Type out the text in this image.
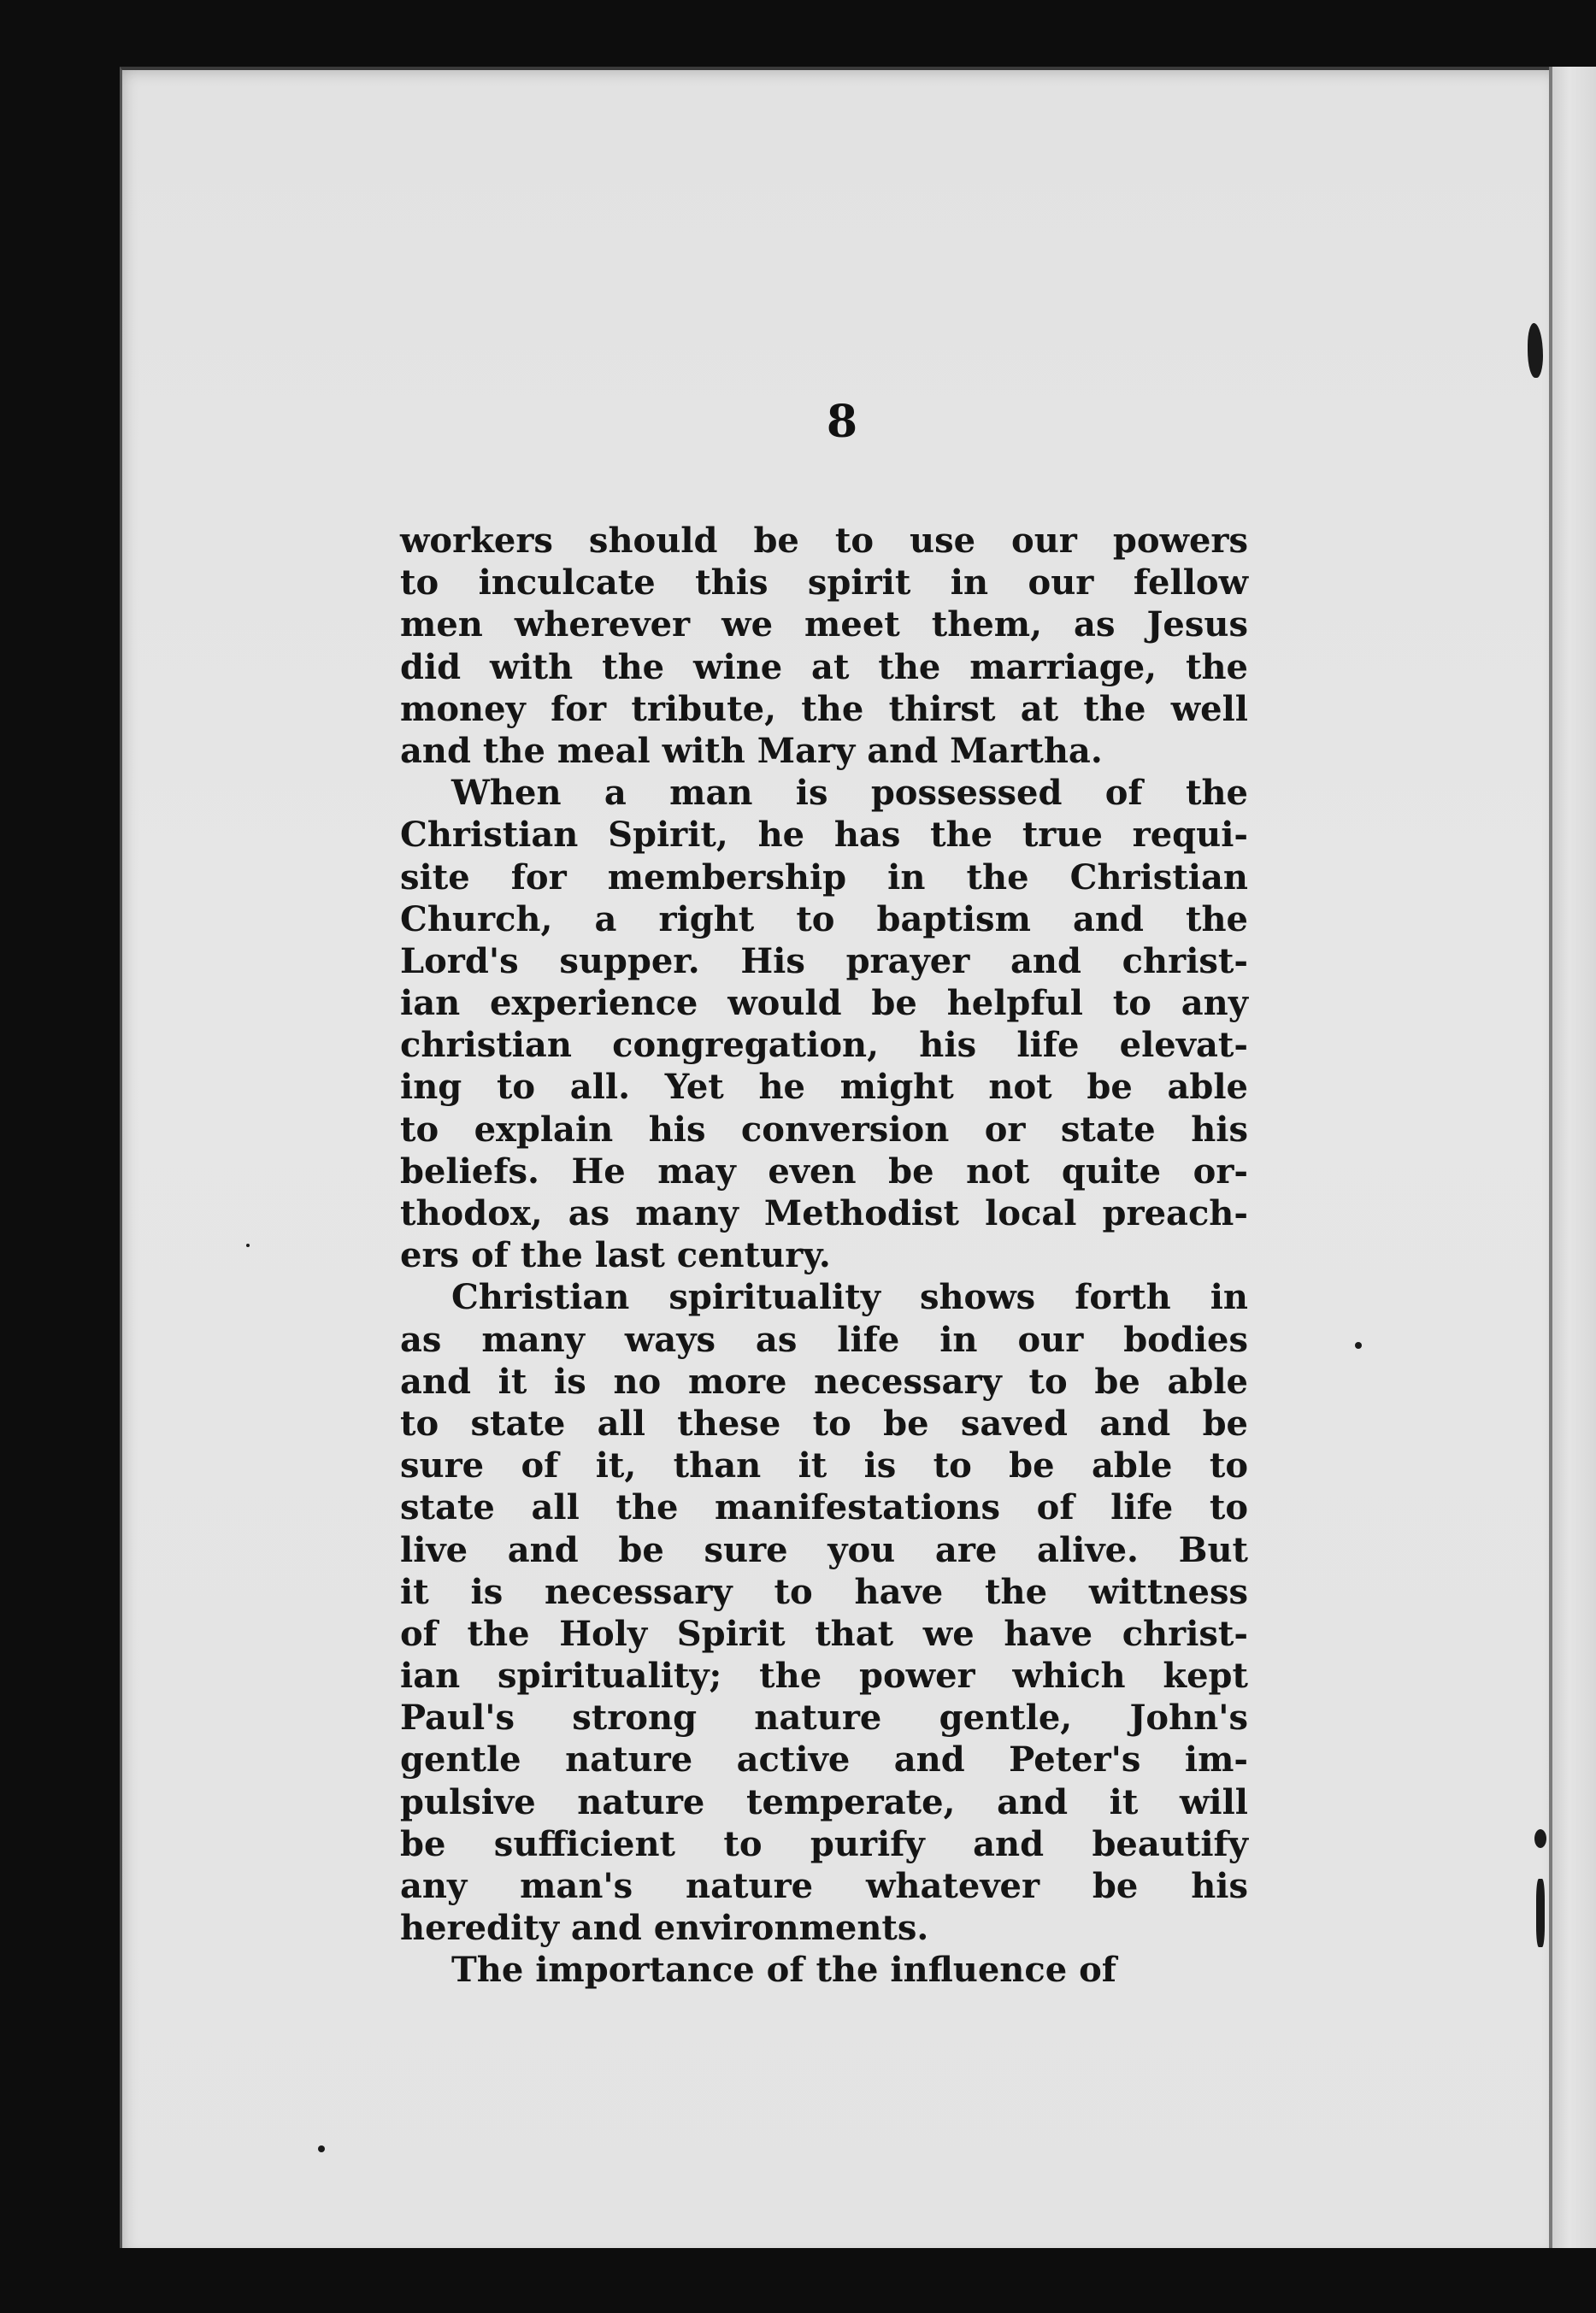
8
workers should be to use our powers
to inculcate this spirit in our fellow
men wherever we meet them, as Jesus
did with the wine at the marriage, the
money for tribute, the thirst at the well
and the meal with Mary and Martha.
When a man is possessed of the
Christian Spirit, he has the true requi-
site for membership in the Christian
Church, a right to baptism and the
Lord's supper. His prayer and christ-
ian experience would be helpful to any
christian congregation, his life elevat-
ing to all. Yet he might not be able
to explain his conversion or state his
beliefs. He may even be not quite or-
thodox, as many Methodist local preach-
ers of the last century.
Christian spirituality shows forth in
as many ways as life in our bodies
and it is no more necessary to be able
to state all these to be saved and be
sure of it, than it is to be able to
state all the manifestations of life to
live and be sure you are alive. But
it is necessary to have the wittness
of the Holy Spirit that we have christ-
ian spirituality; the power which kept
Paul's strong nature gentle, John's
gentle nature active and Peter's im-
pulsive nature temperate, and it will
be sufficient to purify and beautify
any man's nature whatever be his
heredity and environments.
The importance of the influence of
